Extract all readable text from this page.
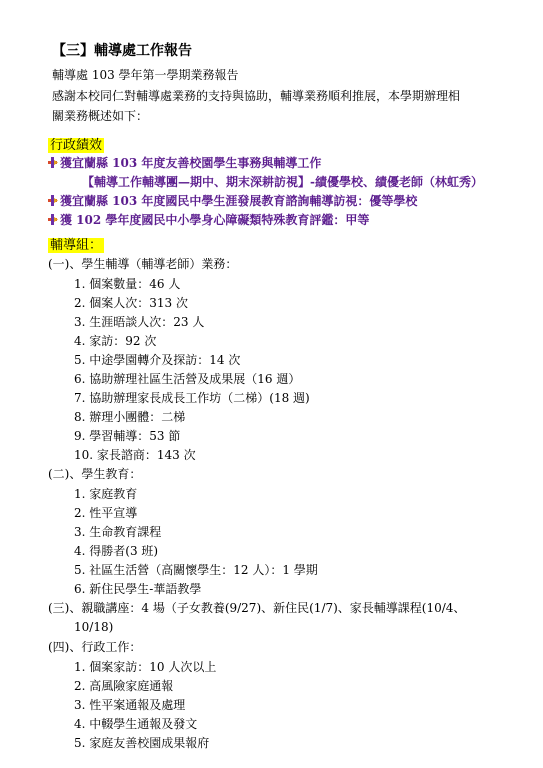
【三】輔導處工作報告
輔導處 103 學年第一學期業務報告
感謝本校同仁對輔導處業務的支持與協助，輔導業務順利推展，本學期辦理相
關業務概述如下：
行政績效
獲宜蘭縣 103 年度友善校園學生事務與輔導工作
【輔導工作輔導團—期中、期末深耕訪視】-績優學校、績優老師（林虹秀）
獲宜蘭縣 103 年度國民中學生涯發展教育諮詢輔導訪視：優等學校
獲 102 學年度國民中小學身心障礙類特殊教育評鑑：甲等
輔導組：
(一)、學生輔導（輔導老師）業務：
1. 個案數量：46 人
2. 個案人次：313 次
3. 生涯晤談人次：23 人
4. 家訪：92 次
5. 中途學園轉介及探訪：14 次
6. 協助辦理社區生活營及成果展（16 週）
7. 協助辦理家長成長工作坊（二梯）(18 週)
8. 辦理小團體：二梯
9. 學習輔導：53 節
10. 家長諮商：143 次
(二)、學生教育：
1. 家庭教育
2. 性平宣導
3. 生命教育課程
4. 得勝者(3 班)
5. 社區生活營（高關懷學生：12 人）：1 學期
6. 新住民學生-華語教學
(三)、親職講座：4 場（子女教養(9/27)、新住民(1/7)、家長輔導課程(10/4、
10/18)
(四)、行政工作：
1. 個案家訪：10 人次以上
2. 高風險家庭通報
3. 性平案通報及處理
4. 中輟學生通報及發文
5. 家庭友善校園成果報府
